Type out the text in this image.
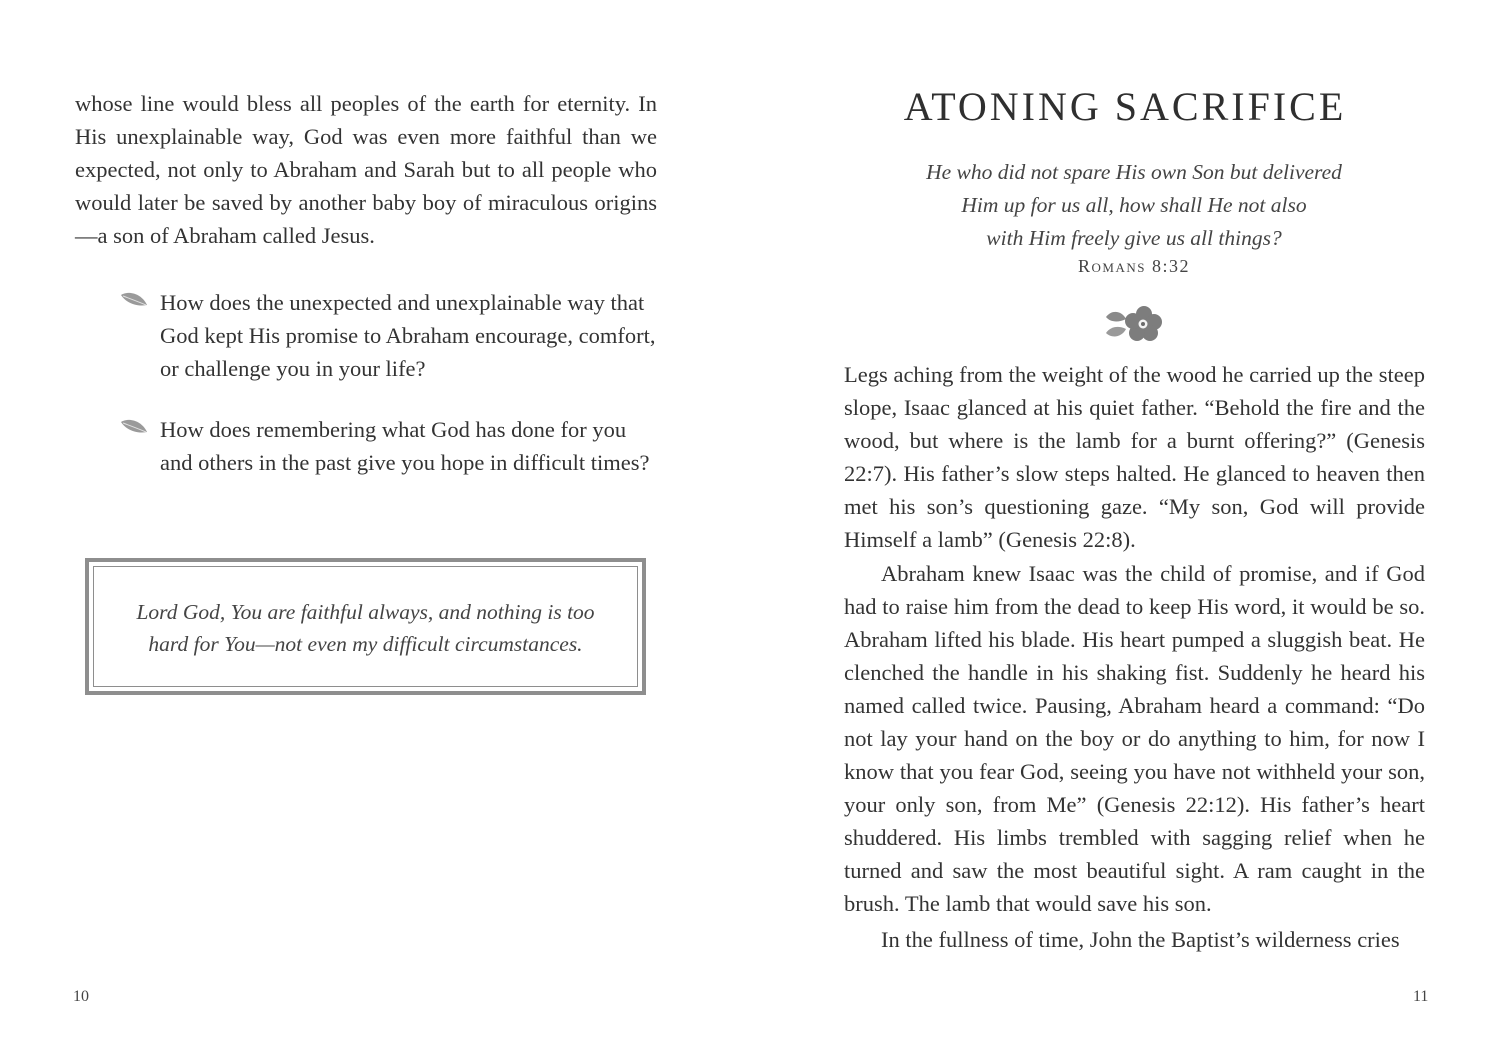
whose line would bless all peoples of the earth for eternity. In His unexplainable way, God was even more faithful than we expected, not only to Abraham and Sarah but to all people who would later be saved by another baby boy of miraculous origins—a son of Abraham called Jesus.

How does the unexpected and unexplainable way that God kept His promise to Abraham encourage, comfort, or challenge you in your life?
How does remembering what God has done for you and others in the past give you hope in difficult times?

Lord God, You are faithful always, and nothing is too
hard for You—not even my difficult circumstances.

10
ATONING SACRIFICE

He who did not spare His own Son but delivered
Him up for us all, how shall He not also
with Him freely give us all things?

Romans 8:32

Legs aching from the weight of the wood he carried up the steep slope, Isaac glanced at his quiet father. “Behold the fire and the wood, but where is the lamb for a burnt offering?” (Genesis 22:7). His father’s slow steps halted. He glanced to heaven then met his son’s questioning gaze. “My son, God will provide Himself a lamb” (Genesis 22:8).

Abraham knew Isaac was the child of promise, and if God had to raise him from the dead to keep His word, it would be so. Abraham lifted his blade. His heart pumped a sluggish beat. He clenched the handle in his shaking fist. Suddenly he heard his named called twice. Pausing, Abraham heard a command: “Do not lay your hand on the boy or do anything to him, for now I know that you fear God, seeing you have not withheld your son, your only son, from Me” (Genesis 22:12). His father’s heart shuddered. His limbs trembled with sagging relief when he turned and saw the most beautiful sight. A ram caught in the brush. The lamb that would save his son.

In the fullness of time, John the Baptist’s wilderness cries

11
